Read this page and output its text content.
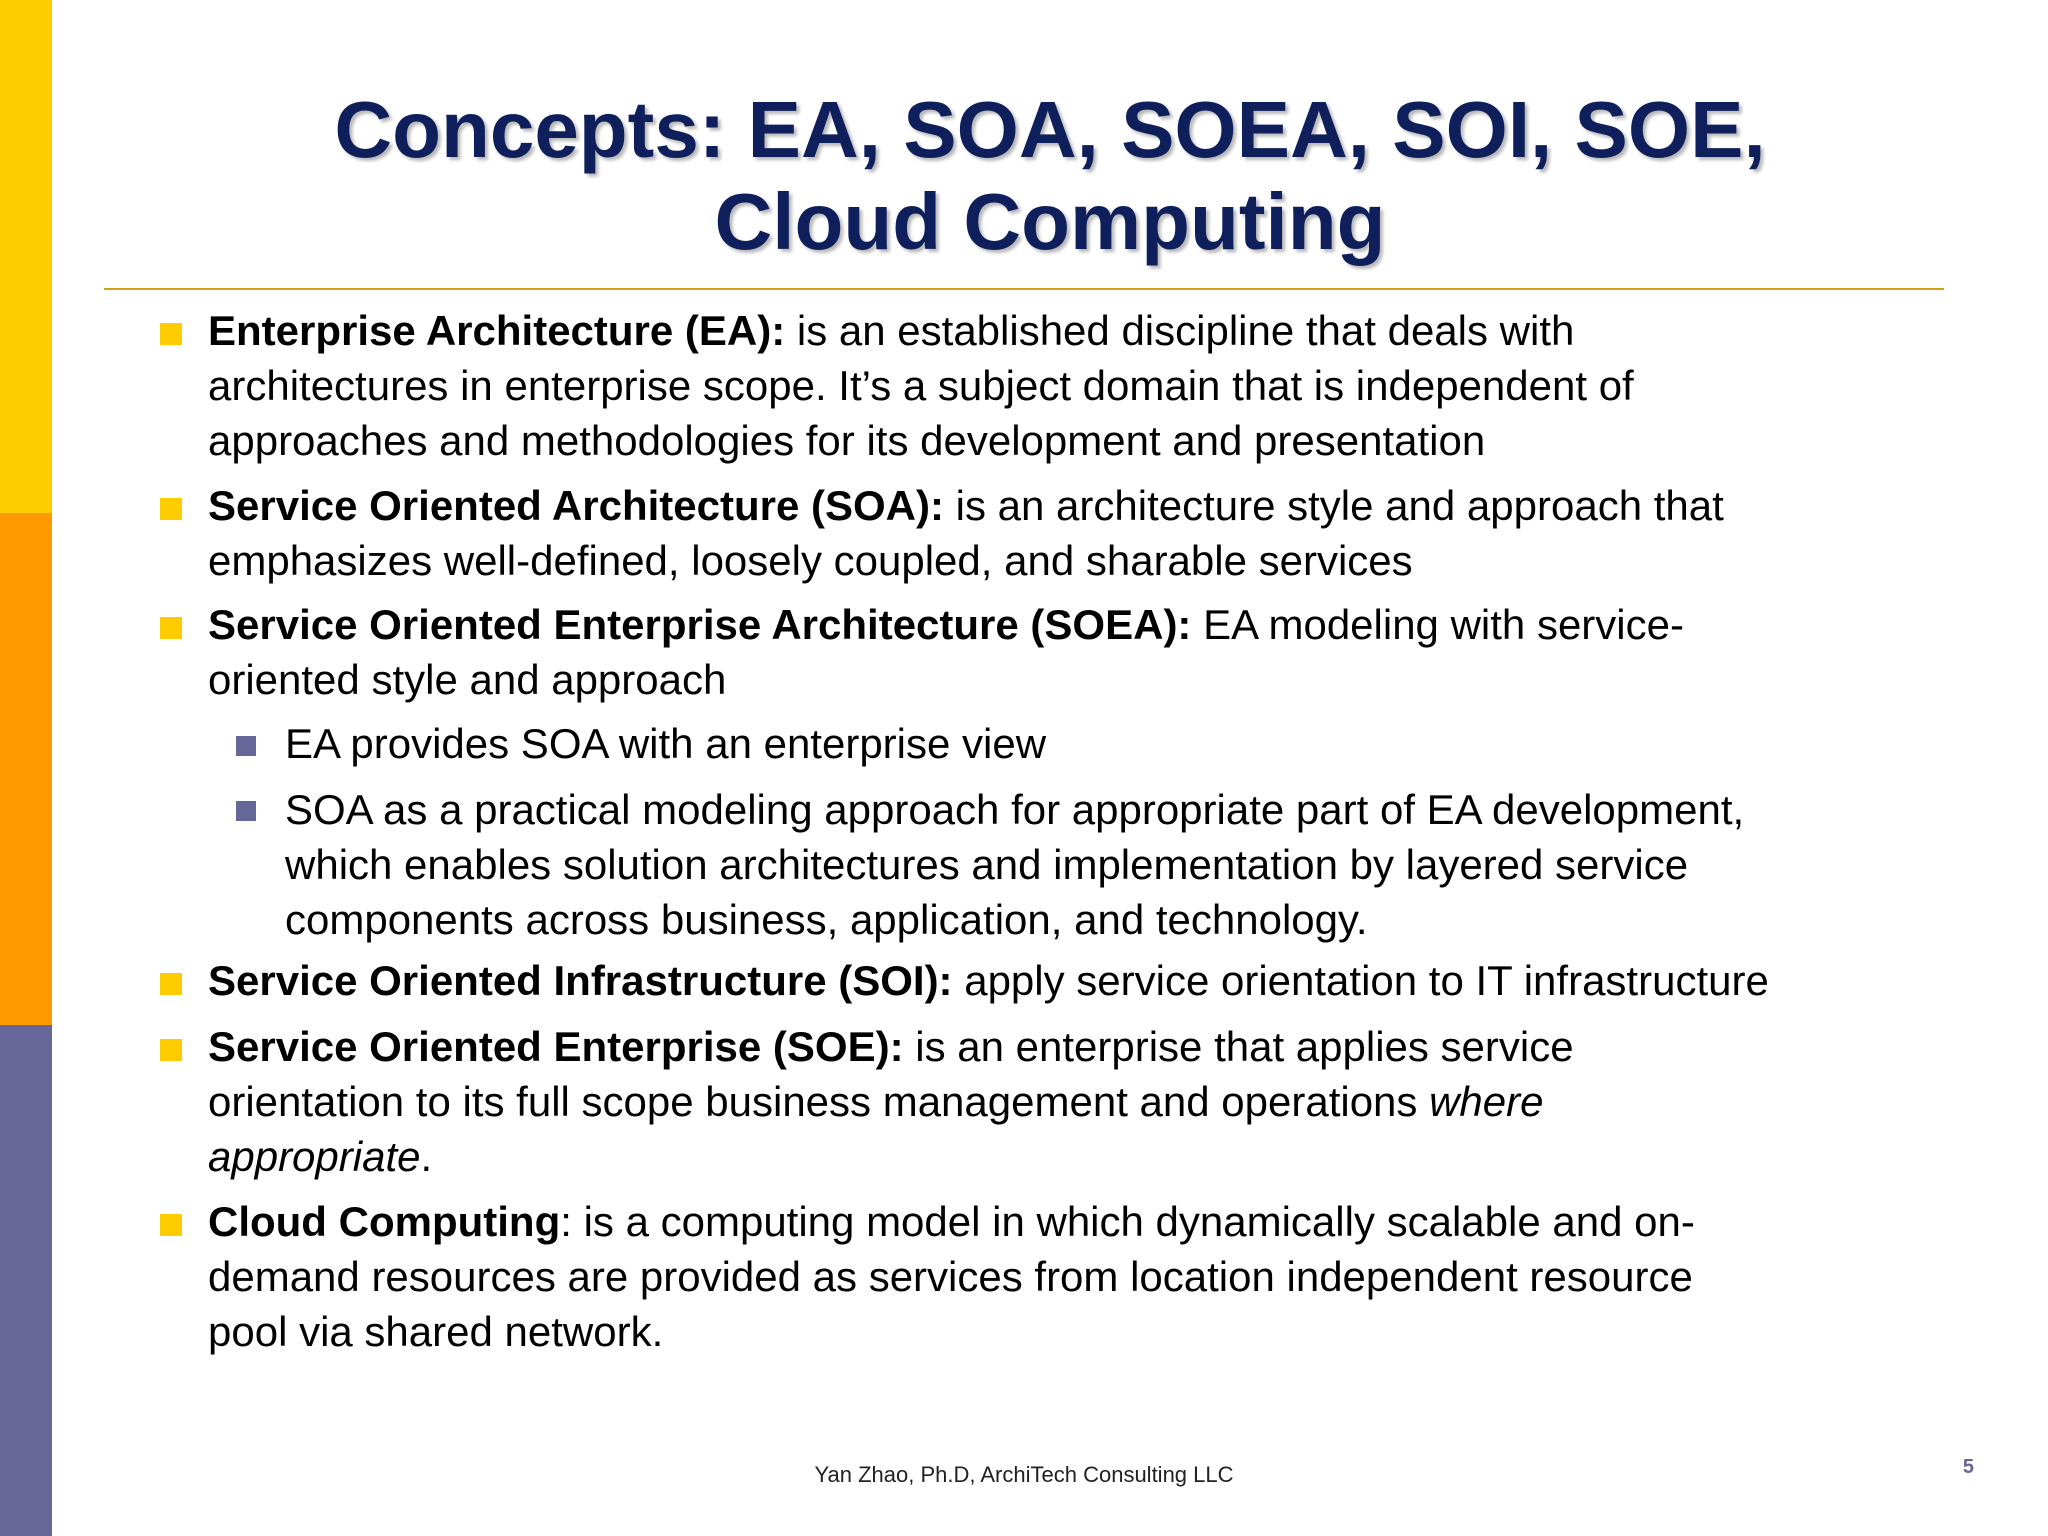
Concepts: EA, SOA, SOEA, SOI, SOE,
Cloud Computing
Enterprise Architecture (EA): is an established discipline that deals with
architectures in enterprise scope. It’s a subject domain that is independent of
approaches and methodologies for its development and presentation
Service Oriented Architecture (SOA): is an architecture style and approach that
emphasizes well-defined, loosely coupled, and sharable services
Service Oriented Enterprise Architecture (SOEA): EA modeling with service-
oriented style and approach
EA provides SOA with an enterprise view
SOA as a practical modeling approach for appropriate part of EA development,
which enables solution architectures and implementation by layered service
components across business, application, and technology.
Service Oriented Infrastructure (SOI): apply service orientation to IT infrastructure
Service Oriented Enterprise (SOE): is an enterprise that applies service
orientation to its full scope business management and operations where
appropriate.
Cloud Computing: is a computing model in which dynamically scalable and on-
demand resources are provided as services from location independent resource
pool via shared network.
Yan Zhao, Ph.D, ArchiTech Consulting LLC	5
